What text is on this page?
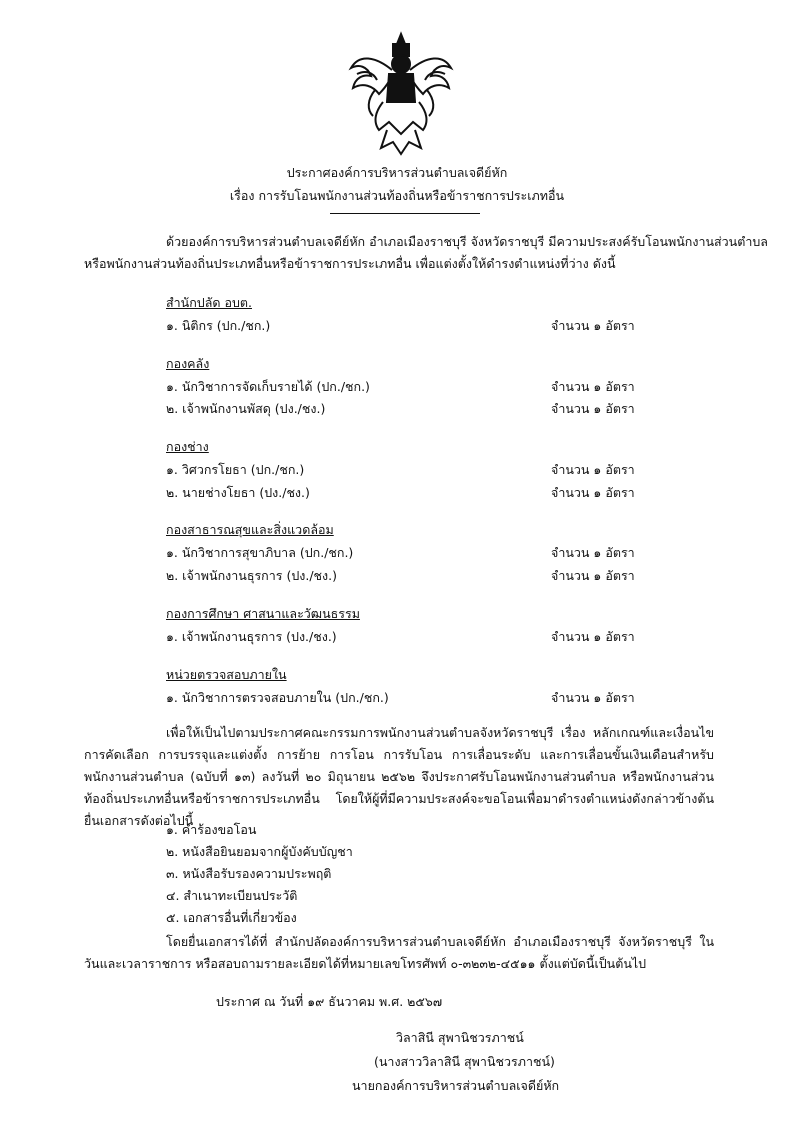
ประกาศองค์การบริหารส่วนตำบลเจดีย์หัก
เรื่อง การรับโอนพนักงานส่วนท้องถิ่นหรือข้าราชการประเภทอื่น
ด้วยองค์การบริหารส่วนตำบลเจดีย์หัก อำเภอเมืองราชบุรี จังหวัดราชบุรี มีความประสงค์รับโอนพนักงานส่วนตำบล
หรือพนักงานส่วนท้องถิ่นประเภทอื่นหรือข้าราชการประเภทอื่น เพื่อแต่งตั้งให้ดำรงตำแหน่งที่ว่าง ดังนี้
สำนักปลัด อบต.
๑. นิติกร (ปก./ชก.)	จำนวน ๑ อัตรา
กองคลัง
๑. นักวิชาการจัดเก็บรายได้ (ปก./ชก.)	จำนวน ๑ อัตรา
๒. เจ้าพนักงานพัสดุ (ปง./ชง.)	จำนวน ๑ อัตรา
กองช่าง
๑. วิศวกรโยธา (ปก./ชก.)	จำนวน ๑ อัตรา
๒. นายช่างโยธา (ปง./ชง.)	จำนวน ๑ อัตรา
กองสาธารณสุขและสิ่งแวดล้อม
๑. นักวิชาการสุขาภิบาล (ปก./ชก.)	จำนวน ๑ อัตรา
๒. เจ้าพนักงานธุรการ (ปง./ชง.)	จำนวน ๑ อัตรา
กองการศึกษา ศาสนาและวัฒนธรรม
๑. เจ้าพนักงานธุรการ (ปง./ชง.)	จำนวน ๑ อัตรา
หน่วยตรวจสอบภายใน
๑. นักวิชาการตรวจสอบภายใน (ปก./ชก.)	จำนวน ๑ อัตรา
เพื่อให้เป็นไปตามประกาศคณะกรรมการพนักงานส่วนตำบลจังหวัดราชบุรี เรื่อง หลักเกณฑ์และเงื่อนไขการคัดเลือก การบรรจุและแต่งตั้ง การย้าย การโอน การรับโอน การเลื่อนระดับ และการเลื่อนขั้นเงินเดือนสำหรับพนักงานส่วนตำบล (ฉบับที่ ๑๓) ลงวันที่ ๒๐ มิถุนายน ๒๕๖๒ จึงประกาศรับโอนพนักงานส่วนตำบล หรือพนักงานส่วนท้องถิ่นประเภทอื่นหรือข้าราชการประเภทอื่น โดยให้ผู้ที่มีความประสงค์จะขอโอนเพื่อมาดำรงตำแหน่งดังกล่าวข้างต้น ยื่นเอกสารดังต่อไปนี้
๑. คำร้องขอโอน
๒. หนังสือยินยอมจากผู้บังคับบัญชา
๓. หนังสือรับรองความประพฤติ
๔. สำเนาทะเบียนประวัติ
๕. เอกสารอื่นที่เกี่ยวข้อง
โดยยื่นเอกสารได้ที่ สำนักปลัดองค์การบริหารส่วนตำบลเจดีย์หัก อำเภอเมืองราชบุรี จังหวัดราชบุรี ในวันและเวลาราชการ หรือสอบถามรายละเอียดได้ที่หมายเลขโทรศัพท์ ๐-๓๒๓๒-๔๕๑๑ ตั้งแต่บัดนี้เป็นต้นไป
ประกาศ ณ วันที่ ๑๙ ธันวาคม พ.ศ. ๒๕๖๗
วิลาสินี สุพานิชวรภาชน์
(นางสาววิลาสินี สุพานิชวรภาชน์)
นายกองค์การบริหารส่วนตำบลเจดีย์หัก
